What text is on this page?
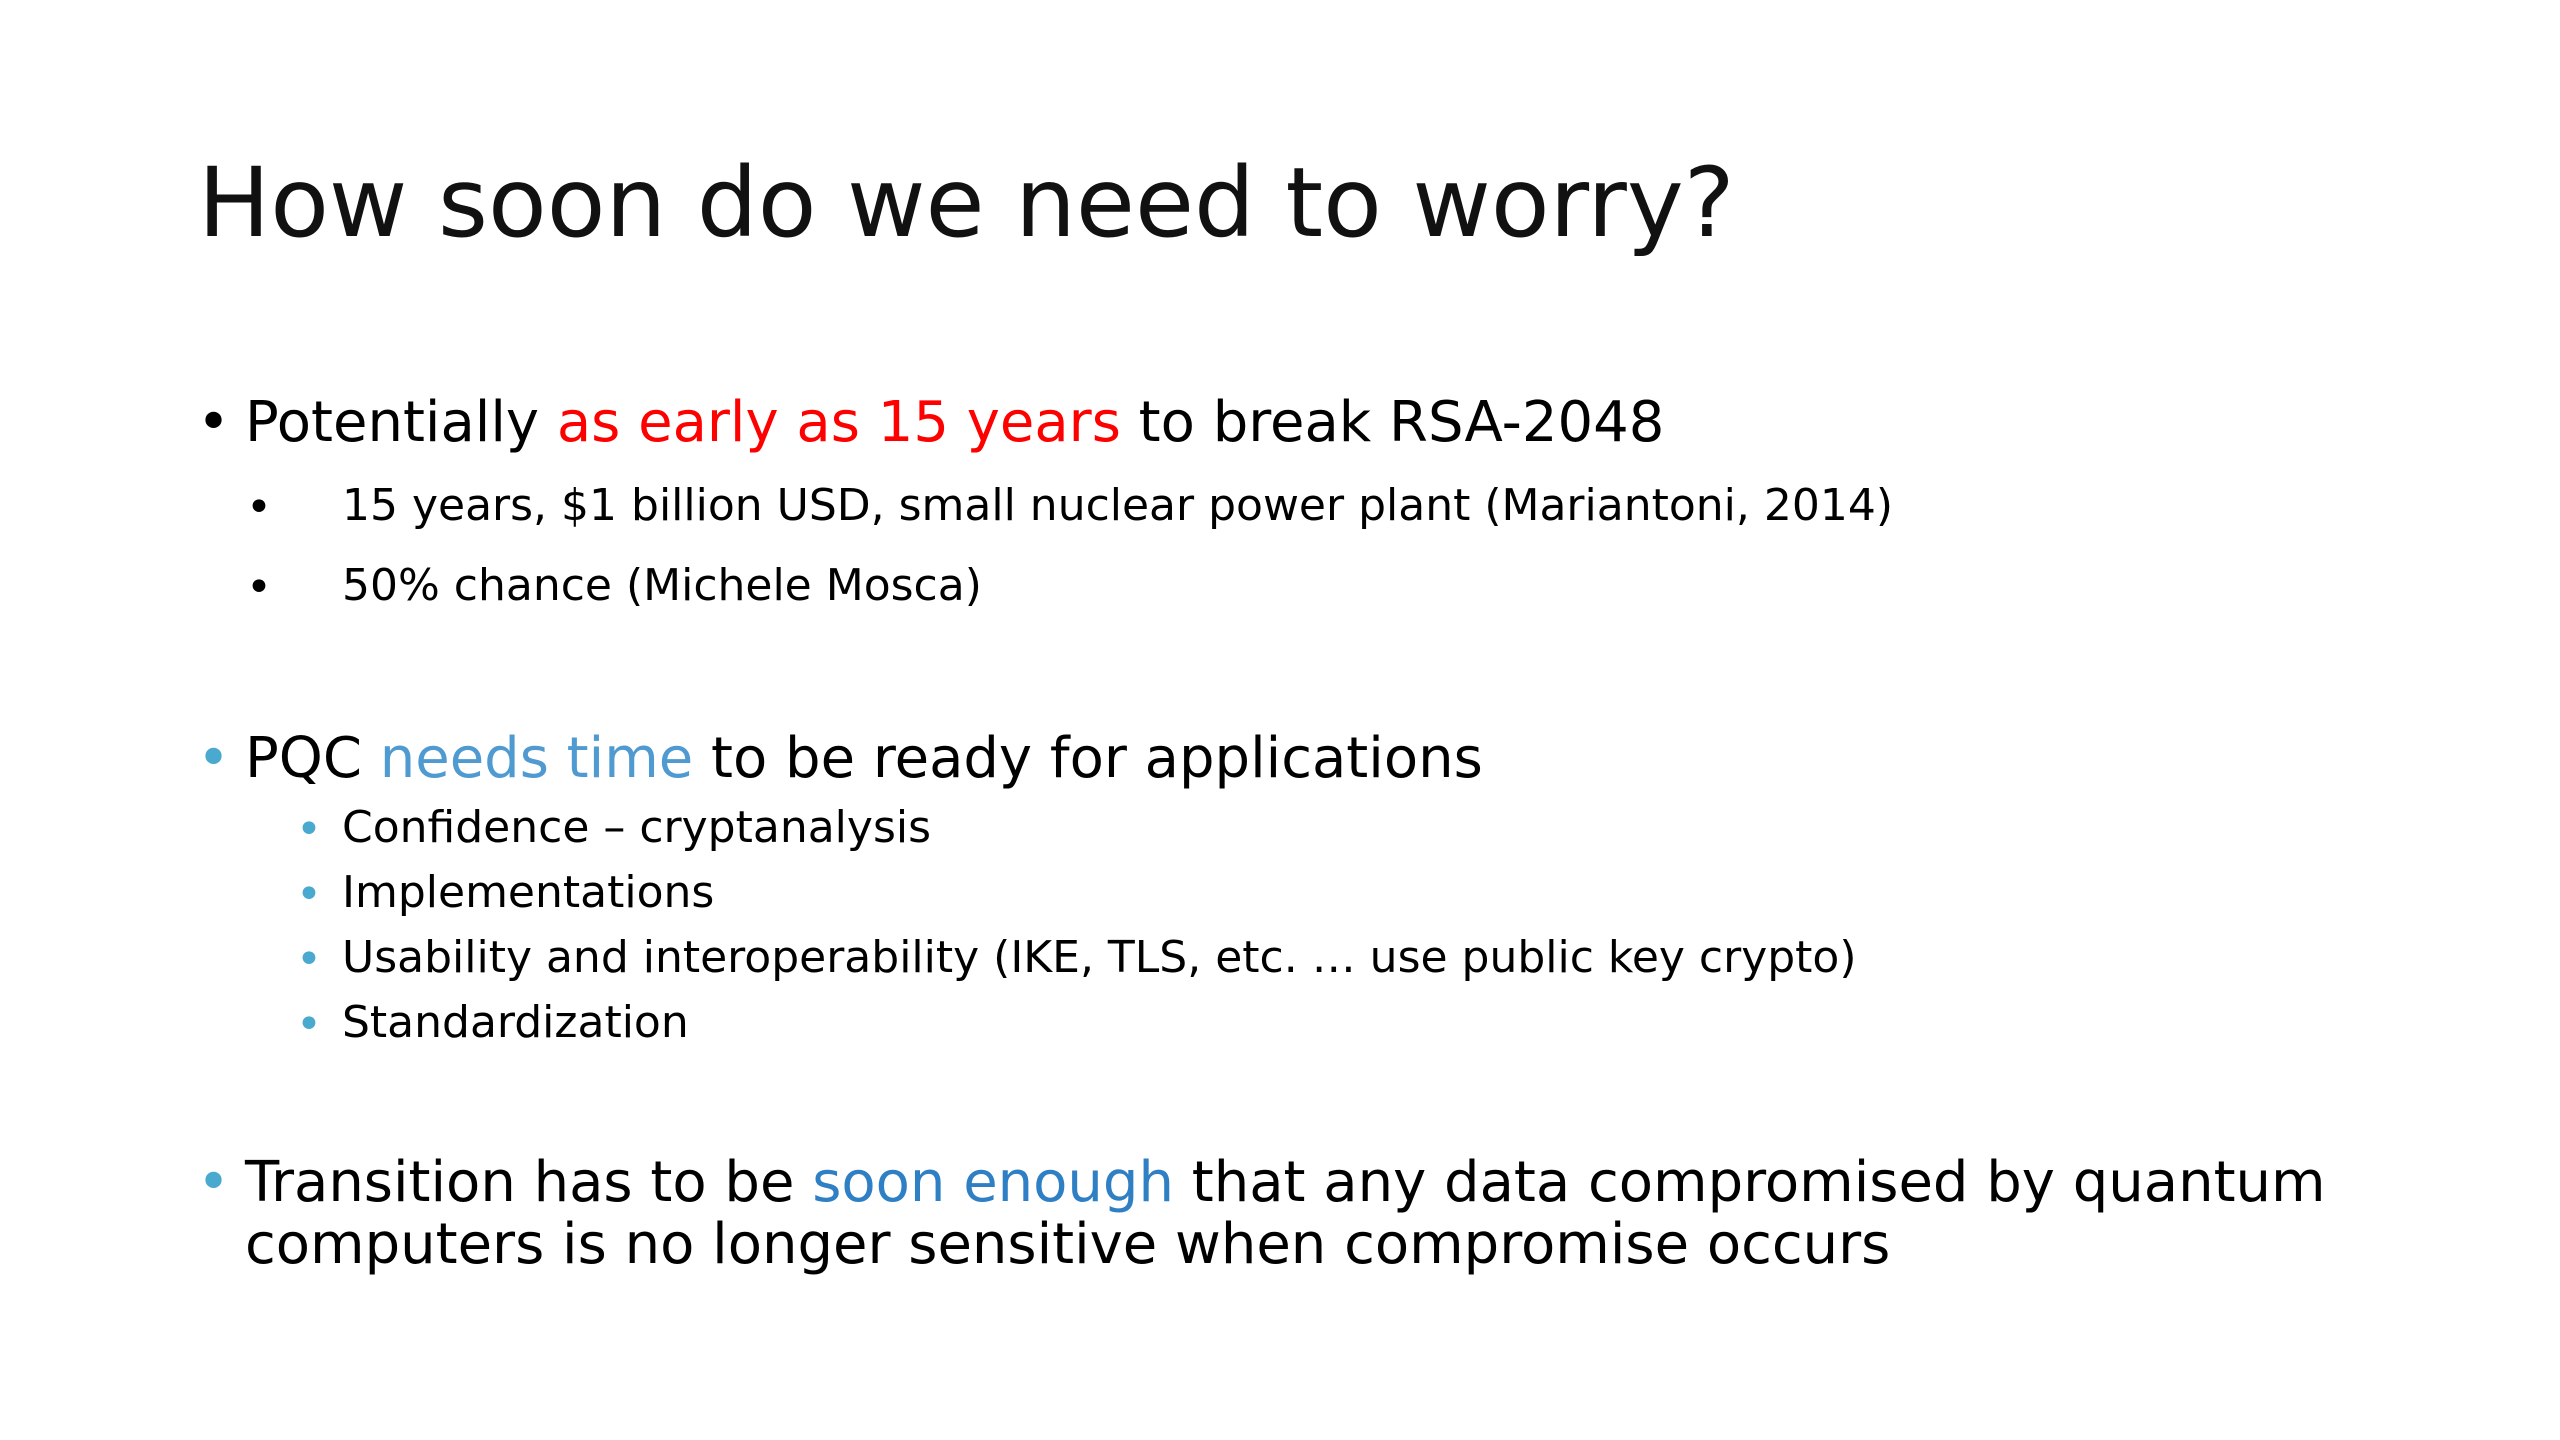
How soon do we need to worry?
• Potentially as early as 15 years to break RSA-2048
• 15 years, $1 billion USD, small nuclear power plant (Mariantoni, 2014)
• 50% chance (Michele Mosca)
• PQC needs time to be ready for applications
• Confidence – cryptanalysis
• Implementations
• Usability and interoperability (IKE, TLS, etc. … use public key crypto)
• Standardization
• Transition has to be soon enough that any data compromised by quantum
computers is no longer sensitive when compromise occurs
